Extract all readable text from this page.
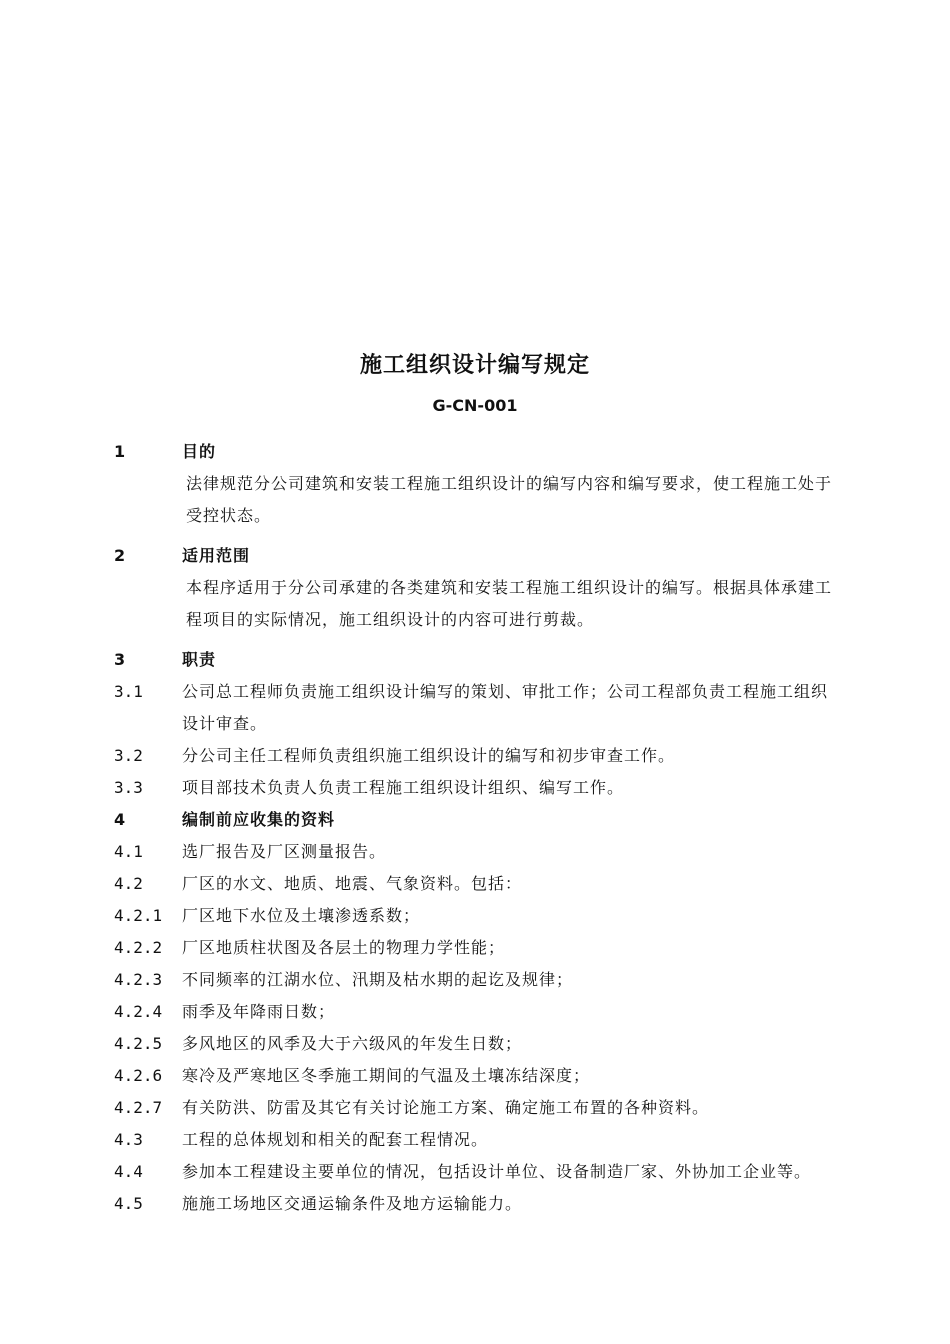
施工组织设计编写规定
G-CN-001
1	目的
法律规范分公司建筑和安装工程施工组织设计的编写内容和编写要求，使工程施工处于受控状态。
2	适用范围
本程序适用于分公司承建的各类建筑和安装工程施工组织设计的编写。根据具体承建工程项目的实际情况，施工组织设计的内容可进行剪裁。
3	职责
3.1	公司总工程师负责施工组织设计编写的策划、审批工作；公司工程部负责工程施工组织设计审查。
3.2	分公司主任工程师负责组织施工组织设计的编写和初步审查工作。
3.3	项目部技术负责人负责工程施工组织设计组织、编写工作。
4	编制前应收集的资料
4.1	选厂报告及厂区测量报告。
4.2	厂区的水文、地质、地震、气象资料。包括：
4.2.1	厂区地下水位及土壤渗透系数；
4.2.2	厂区地质柱状图及各层土的物理力学性能；
4.2.3	不同频率的江湖水位、汛期及枯水期的起讫及规律；
4.2.4	雨季及年降雨日数；
4.2.5	多风地区的风季及大于六级风的年发生日数；
4.2.6	寒冷及严寒地区冬季施工期间的气温及土壤冻结深度；
4.2.7	有关防洪、防雷及其它有关讨论施工方案、确定施工布置的各种资料。
4.3	工程的总体规划和相关的配套工程情况。
4.4	参加本工程建设主要单位的情况，包括设计单位、设备制造厂家、外协加工企业等。
4.5	施施工场地区交通运输条件及地方运输能力。
